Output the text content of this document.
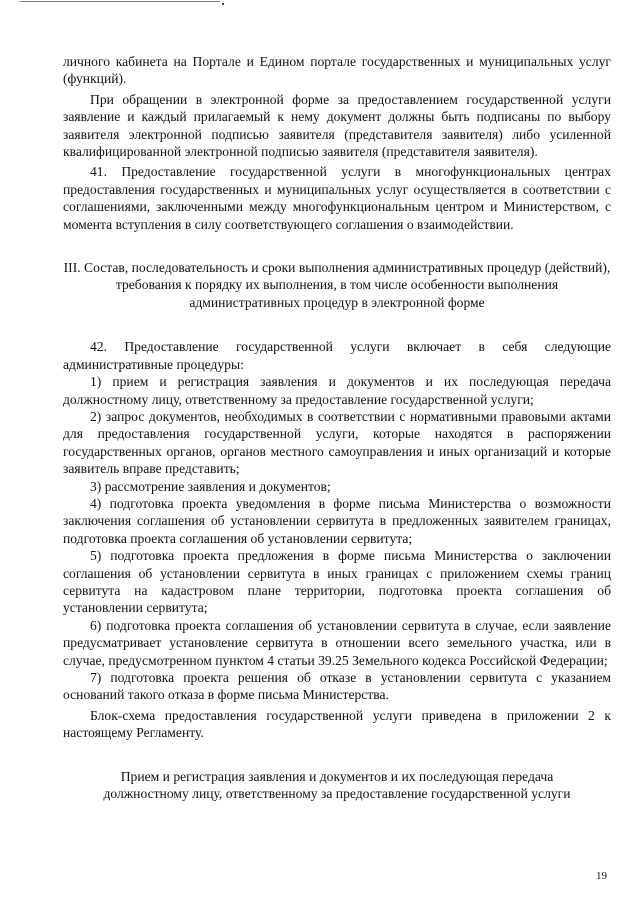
личного кабинета на Портале и Едином портале государственных и муниципальных услуг (функций).

При обращении в электронной форме за предоставлением государственной услуги заявление и каждый прилагаемый к нему документ должны быть подписаны по выбору заявителя электронной подписью заявителя (представителя заявителя) либо усиленной квалифицированной электронной подписью заявителя (представителя заявителя).

41. Предоставление государственной услуги в многофункциональных центрах предоставления государственных и муниципальных услуг осуществляется в соответствии с соглашениями, заключенными между многофункциональным центром и Министерством, с момента вступления в силу соответствующего соглашения о взаимодействии.

III. Состав, последовательность и сроки выполнения административных процедур (действий), требования к порядку их выполнения, в том числе особенности выполнения административных процедур в электронной форме

42. Предоставление государственной услуги включает в себя следующие административные процедуры:

1) прием и регистрация заявления и документов и их последующая передача должностному лицу, ответственному за предоставление государственной услуги;

2) запрос документов, необходимых в соответствии с нормативными правовыми актами для предоставления государственной услуги, которые находятся в распоряжении государственных органов, органов местного самоуправления и иных организаций и которые заявитель вправе представить;

3) рассмотрение заявления и документов;

4) подготовка проекта уведомления в форме письма Министерства о возможности заключения соглашения об установлении сервитута в предложенных заявителем границах, подготовка проекта соглашения об установлении сервитута;

5) подготовка проекта предложения в форме письма Министерства о заключении соглашения об установлении сервитута в иных границах с приложением схемы границ сервитута на кадастровом плане территории, подготовка проекта соглашения об установлении сервитута;

6) подготовка проекта соглашения об установлении сервитута в случае, если заявление предусматривает установление сервитута в отношении всего земельного участка, или в случае, предусмотренном пунктом 4 статьи 39.25 Земельного кодекса Российской Федерации;

7) подготовка проекта решения об отказе в установлении сервитута с указанием оснований такого отказа в форме письма Министерства.

Блок-схема предоставления государственной услуги приведена в приложении 2 к настоящему Регламенту.

Прием и регистрация заявления и документов и их последующая передача

должностному лицу, ответственному за предоставление государственной услуги

19
